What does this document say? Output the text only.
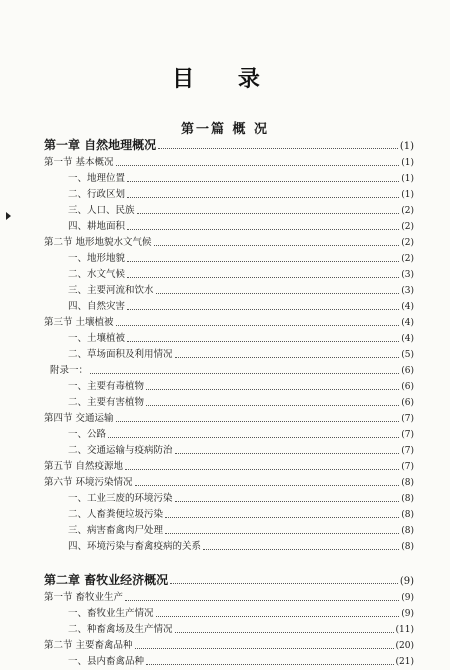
目 录
第一篇 概 况
第一章 自然地理概况	(1)
第一节 基本概况	(1)
一、地理位置	(1)
二、行政区划	(1)
三、人口、民族	(2)
四、耕地面积	(2)
第二节 地形地貌水文气候	(2)
一、地形地貌	(2)
二、水文气候	(3)
三、主要河流和饮水	(3)
四、自然灾害	(4)
第三节 土壤植被	(4)
一、土壤植被	(4)
二、草场面积及利用情况	(5)
附录一：	(6)
一、主要有毒植物	(6)
二、主要有害植物	(6)
第四节 交通运输	(7)
一、公路	(7)
二、交通运输与疫病防治	(7)
第五节 自然疫源地	(7)
第六节 环境污染情况	(8)
一、工业三废的环境污染	(8)
二、人畜粪便垃圾污染	(8)
三、病害畜禽肉尸处理	(8)
四、环境污染与畜禽疫病的关系	(8)
第二章 畜牧业经济概况	(9)
第一节 畜牧业生产	(9)
一、畜牧业生产情况	(9)
二、种畜禽场及生产情况	(11)
第二节 主要畜禽品种	(20)
一、县内畜禽品种	(21)
